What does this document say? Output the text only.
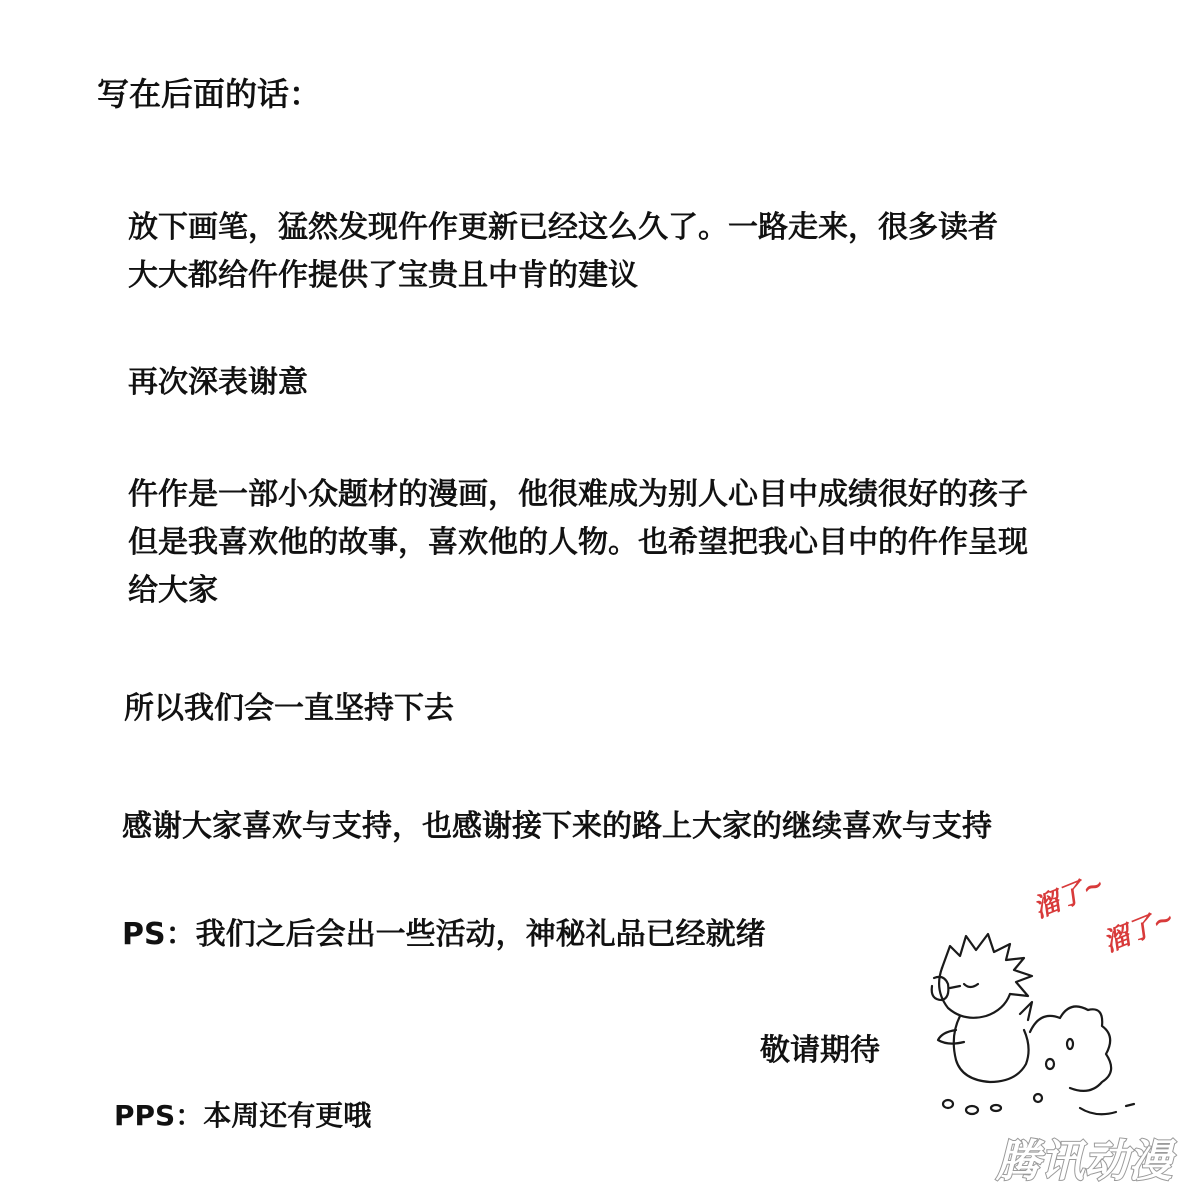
写在后面的话：

放下画笔，猛然发现仵作更新已经这么久了。一路走来，很多读者
大大都给仵作提供了宝贵且中肯的建议

再次深表谢意

仵作是一部小众题材的漫画，他很难成为别人心目中成绩很好的孩子
但是我喜欢他的故事，喜欢他的人物。也希望把我心目中的仵作呈现
给大家

所以我们会一直坚持下去

感谢大家喜欢与支持，也感谢接下来的路上大家的继续喜欢与支持

PS：我们之后会出一些活动，神秘礼品已经就绪

敬请期待

PPS：本周还有更哦

溜了~
溜了~
腾讯动漫
